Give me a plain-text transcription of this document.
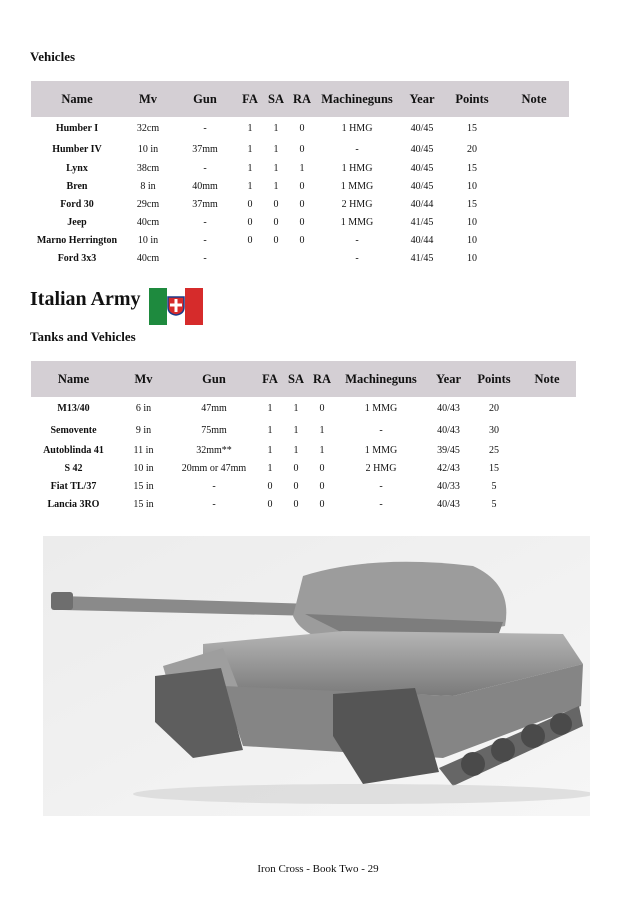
Vehicles
Name	Mv	Gun	FA	SA	RA	Machineguns	Year	Points	Note
Humber I	32cm	-	1	1	0	1 HMG	40/45	15	
Humber IV	10 in	37mm	1	1	0	-	40/45	20	
Lynx	38cm	-	1	1	1	1 HMG	40/45	15	
Bren	8 in	40mm	1	1	0	1 MMG	40/45	10	
Ford 30	29cm	37mm	0	0	0	2 HMG	40/44	15	
Jeep	40cm	-	0	0	0	1 MMG	41/45	10	
Marno Herrington	10 in	-	0	0	0	-	40/44	10	
Ford 3x3	40cm	-				-	41/45	10	
Italian Army
Tanks and Vehicles
Name	Mv	Gun	FA	SA	RA	Machineguns	Year	Points	Note
M13/40	6 in	47mm	1	1	0	1 MMG	40/43	20	
Semovente	9 in	75mm	1	1	1	-	40/43	30	
Autoblinda 41	11 in	32mm**	1	1	1	1 MMG	39/45	25	
S 42	10 in	20mm or 47mm	1	0	0	2 HMG	42/43	15	
Fiat TL/37	15 in	-	0	0	0	-	40/33	5	
Lancia 3RO	15 in	-	0	0	0	-	40/43	5	
Iron Cross - Book Two - 29
